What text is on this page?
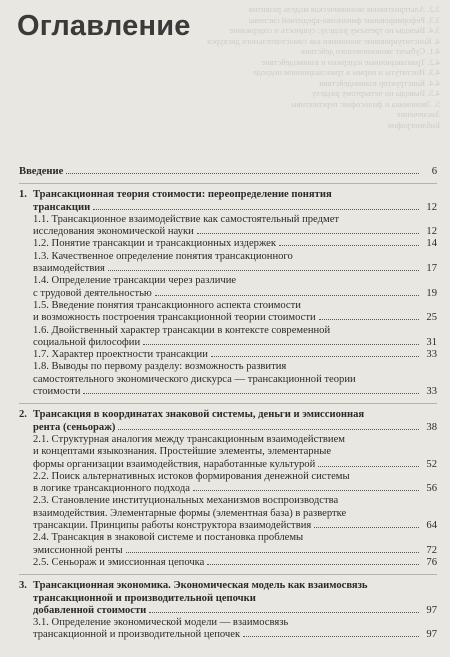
3.2. Альтернативная экономическая модель развития
3.3. Реформирование финансово-кредитной системы
3.4. Выводы по третьему разделу: сущность и содержание
4. Конституирование экономики как самостоятельного дискурса
4.1. Субъект экономического действия
4.2. Транзакционные издержки и взаимодействие
4.3. Институты и нормы в трансакционном подходе
4.4. Конструктор взаимодействия
4.5. Выводы по четвертому разделу
5. Экономика и философия: перспективы
Заключение
Библиография
Оглавление
Введение	6
1. Трансакционная теория стоимости: переопределение понятия
трансакции	12
1.1. Трансакционное взаимодействие как самостоятельный предмет
исследования экономической науки	12
1.2. Понятие трансакции и трансакционных издержек	14
1.3. Качественное определение понятия трансакционного
взаимодействия	17
1.4. Определение трансакции через различие
с трудовой деятельностью	19
1.5. Введение понятия трансакционного аспекта стоимости
и возможность построения трансакционной теории стоимости	25
1.6. Двойственный характер трансакции в контексте современной
социальной философии	31
1.7. Характер проектности трансакции	33
1.8. Выводы по первому разделу: возможность развития
самостоятельного экономического дискурса — трансакционной теории
стоимости	33
2. Трансакция в координатах знаковой системы, деньги и эмиссионная
рента (сеньораж)	38
2.1. Структурная аналогия между трансакционным взаимодействием
и концептами языкознания. Простейшие элементы, элементарные
формы организации взаимодействия, наработанные культурой	52
2.2. Поиск альтернативных истоков формирования денежной системы
в логике трансакционного подхода	56
2.3. Становление институциональных механизмов воспроизводства
взаимодействия. Элементарные формы (элементная база) в развертке
трансакции. Принципы работы конструктора взаимодействия	64
2.4. Трансакция в знаковой системе и постановка проблемы
эмиссионной ренты	72
2.5. Сеньораж и эмиссионная цепочка	76
3. Трансакционная экономика. Экономическая модель как взаимосвязь
трансакционной и производительной цепочки
добавленной стоимости	97
3.1. Определение экономической модели — взаимосвязь
трансакционной и производительной цепочек	97
